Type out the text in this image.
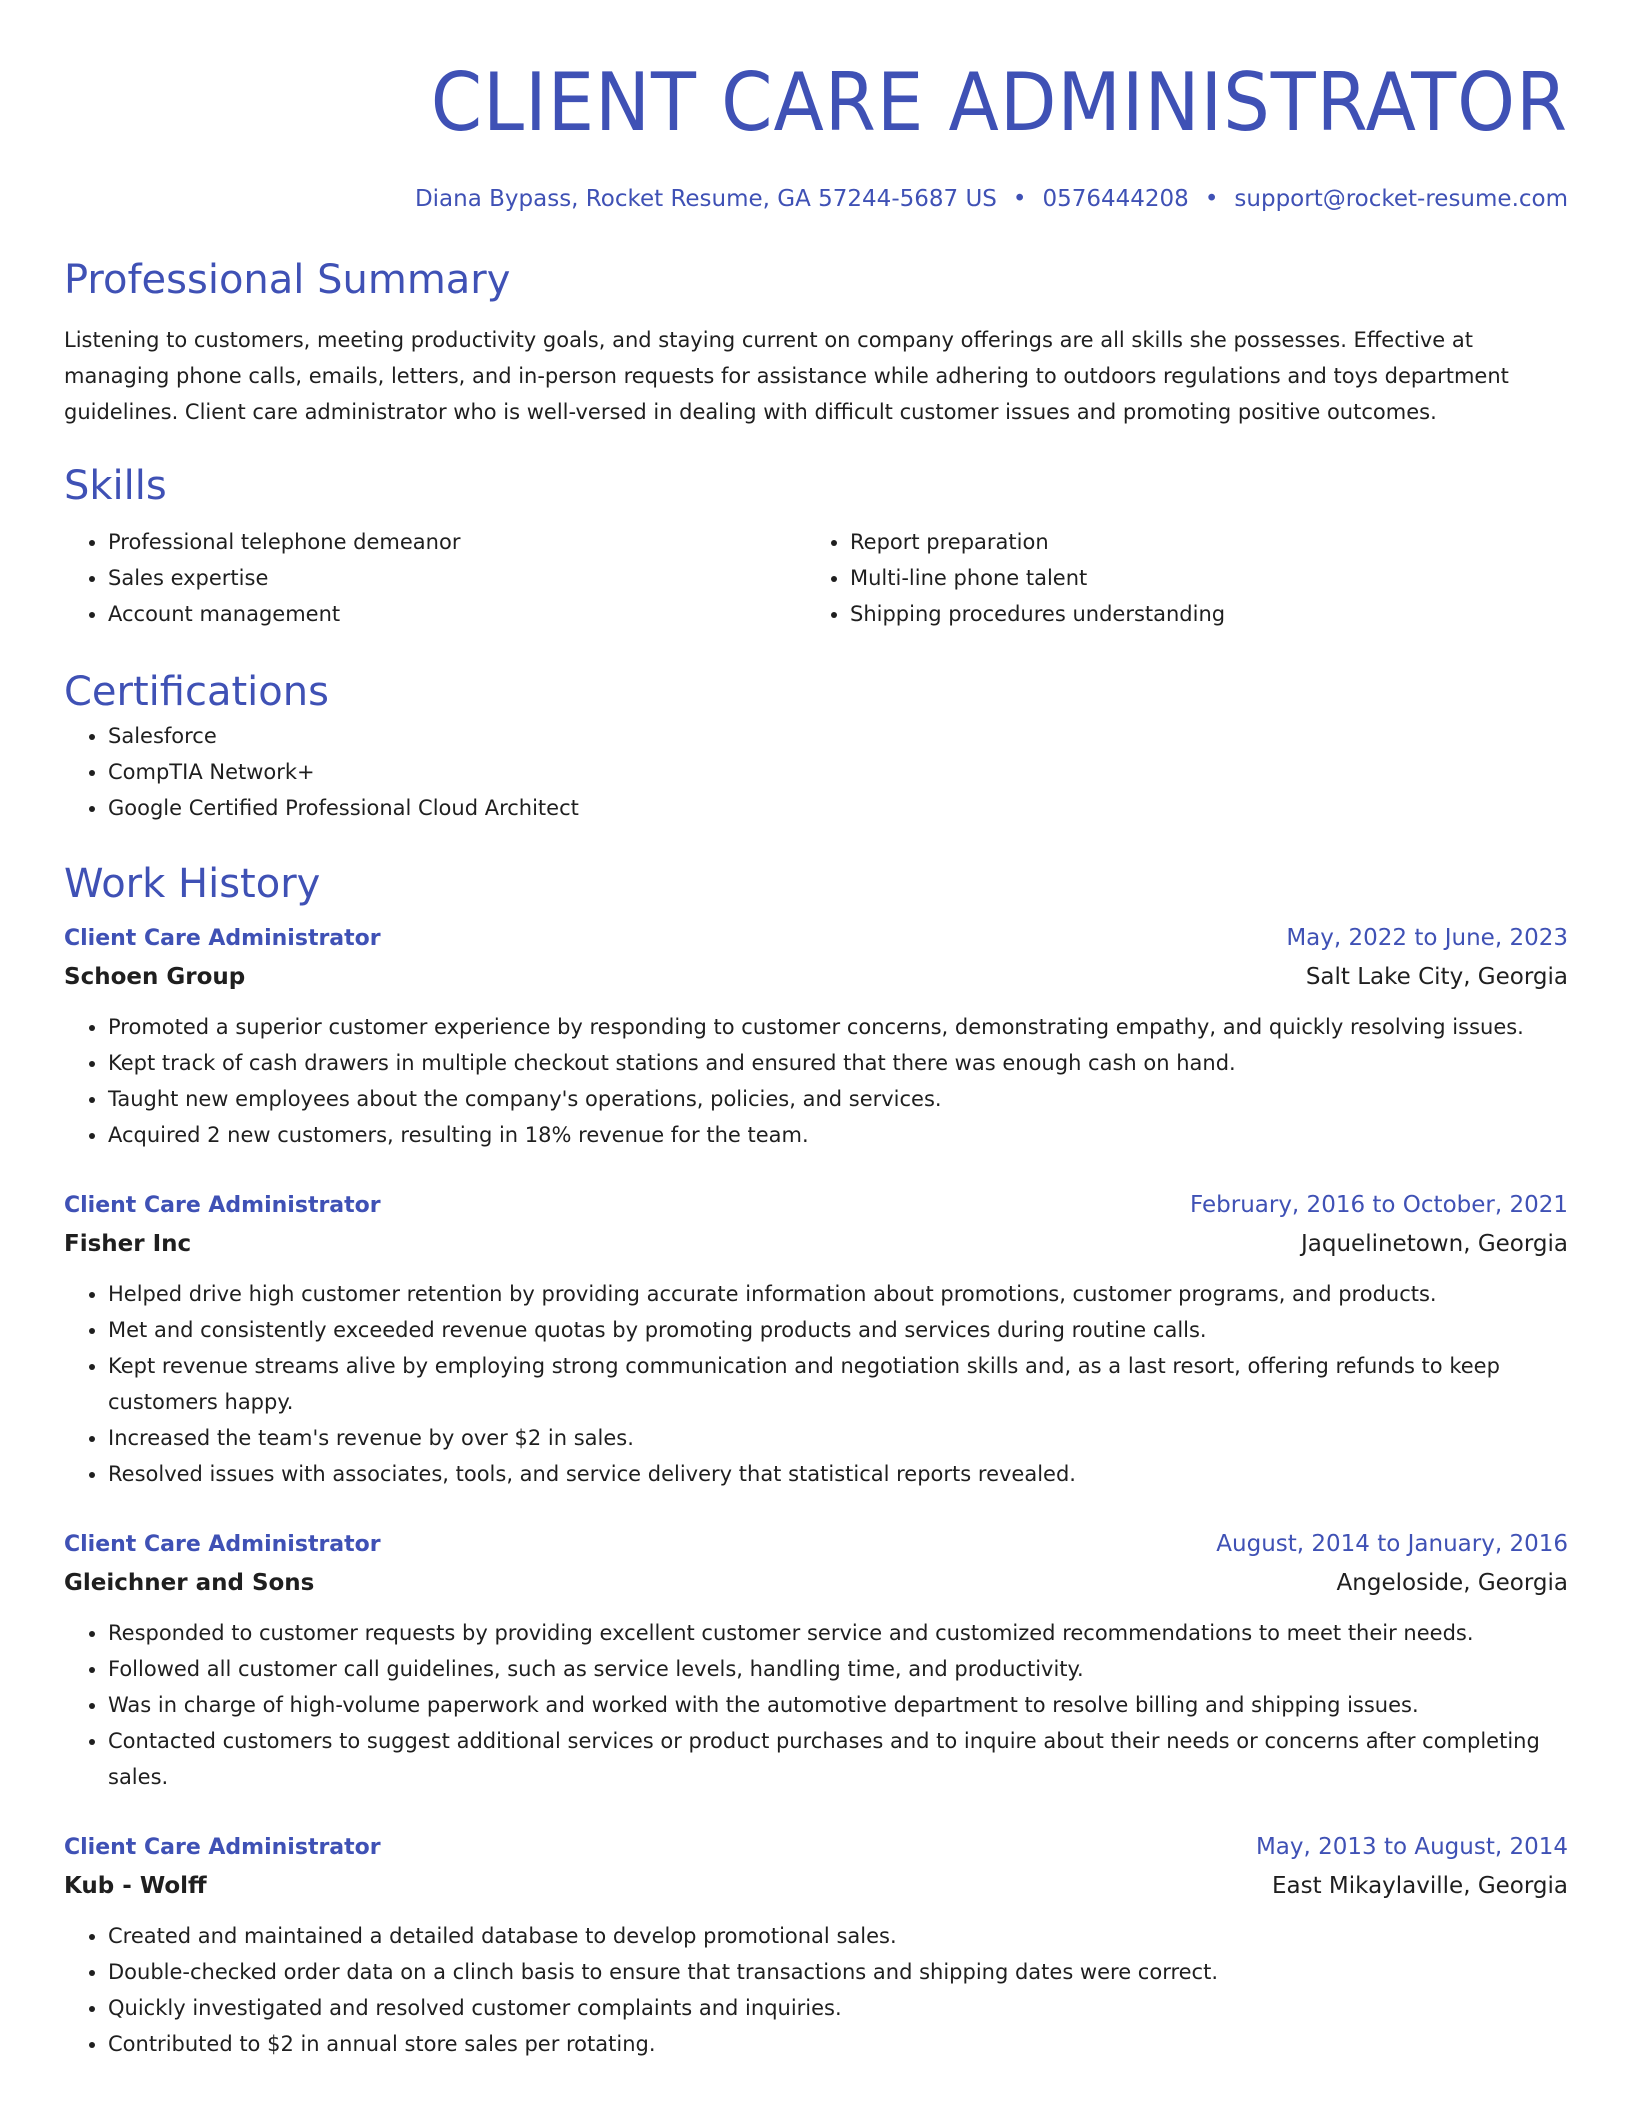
CLIENT CARE ADMINISTRATOR
Diana Bypass, Rocket Resume, GA 57244-5687 US • 0576444208 • support@rocket-resume.com
Professional Summary
Listening to customers, meeting productivity goals, and staying current on company offerings are all skills she possesses. Effective at managing phone calls, emails, letters, and in-person requests for assistance while adhering to outdoors regulations and toys department guidelines. Client care administrator who is well-versed in dealing with difficult customer issues and promoting positive outcomes.
Skills
• Professional telephone demeanor
• Sales expertise
• Account management
• Report preparation
• Multi-line phone talent
• Shipping procedures understanding
Certifications
• Salesforce
• CompTIA Network+
• Google Certified Professional Cloud Architect
Work History
Client Care Administrator	May, 2022 to June, 2023
Schoen Group	Salt Lake City, Georgia
• Promoted a superior customer experience by responding to customer concerns, demonstrating empathy, and quickly resolving issues.
• Kept track of cash drawers in multiple checkout stations and ensured that there was enough cash on hand.
• Taught new employees about the company's operations, policies, and services.
• Acquired 2 new customers, resulting in 18% revenue for the team.
Client Care Administrator	February, 2016 to October, 2021
Fisher Inc	Jaquelinetown, Georgia
• Helped drive high customer retention by providing accurate information about promotions, customer programs, and products.
• Met and consistently exceeded revenue quotas by promoting products and services during routine calls.
• Kept revenue streams alive by employing strong communication and negotiation skills and, as a last resort, offering refunds to keep customers happy.
• Increased the team's revenue by over $2 in sales.
• Resolved issues with associates, tools, and service delivery that statistical reports revealed.
Client Care Administrator	August, 2014 to January, 2016
Gleichner and Sons	Angeloside, Georgia
• Responded to customer requests by providing excellent customer service and customized recommendations to meet their needs.
• Followed all customer call guidelines, such as service levels, handling time, and productivity.
• Was in charge of high-volume paperwork and worked with the automotive department to resolve billing and shipping issues.
• Contacted customers to suggest additional services or product purchases and to inquire about their needs or concerns after completing sales.
Client Care Administrator	May, 2013 to August, 2014
Kub - Wolff	East Mikaylaville, Georgia
• Created and maintained a detailed database to develop promotional sales.
• Double-checked order data on a clinch basis to ensure that transactions and shipping dates were correct.
• Quickly investigated and resolved customer complaints and inquiries.
• Contributed to $2 in annual store sales per rotating.
